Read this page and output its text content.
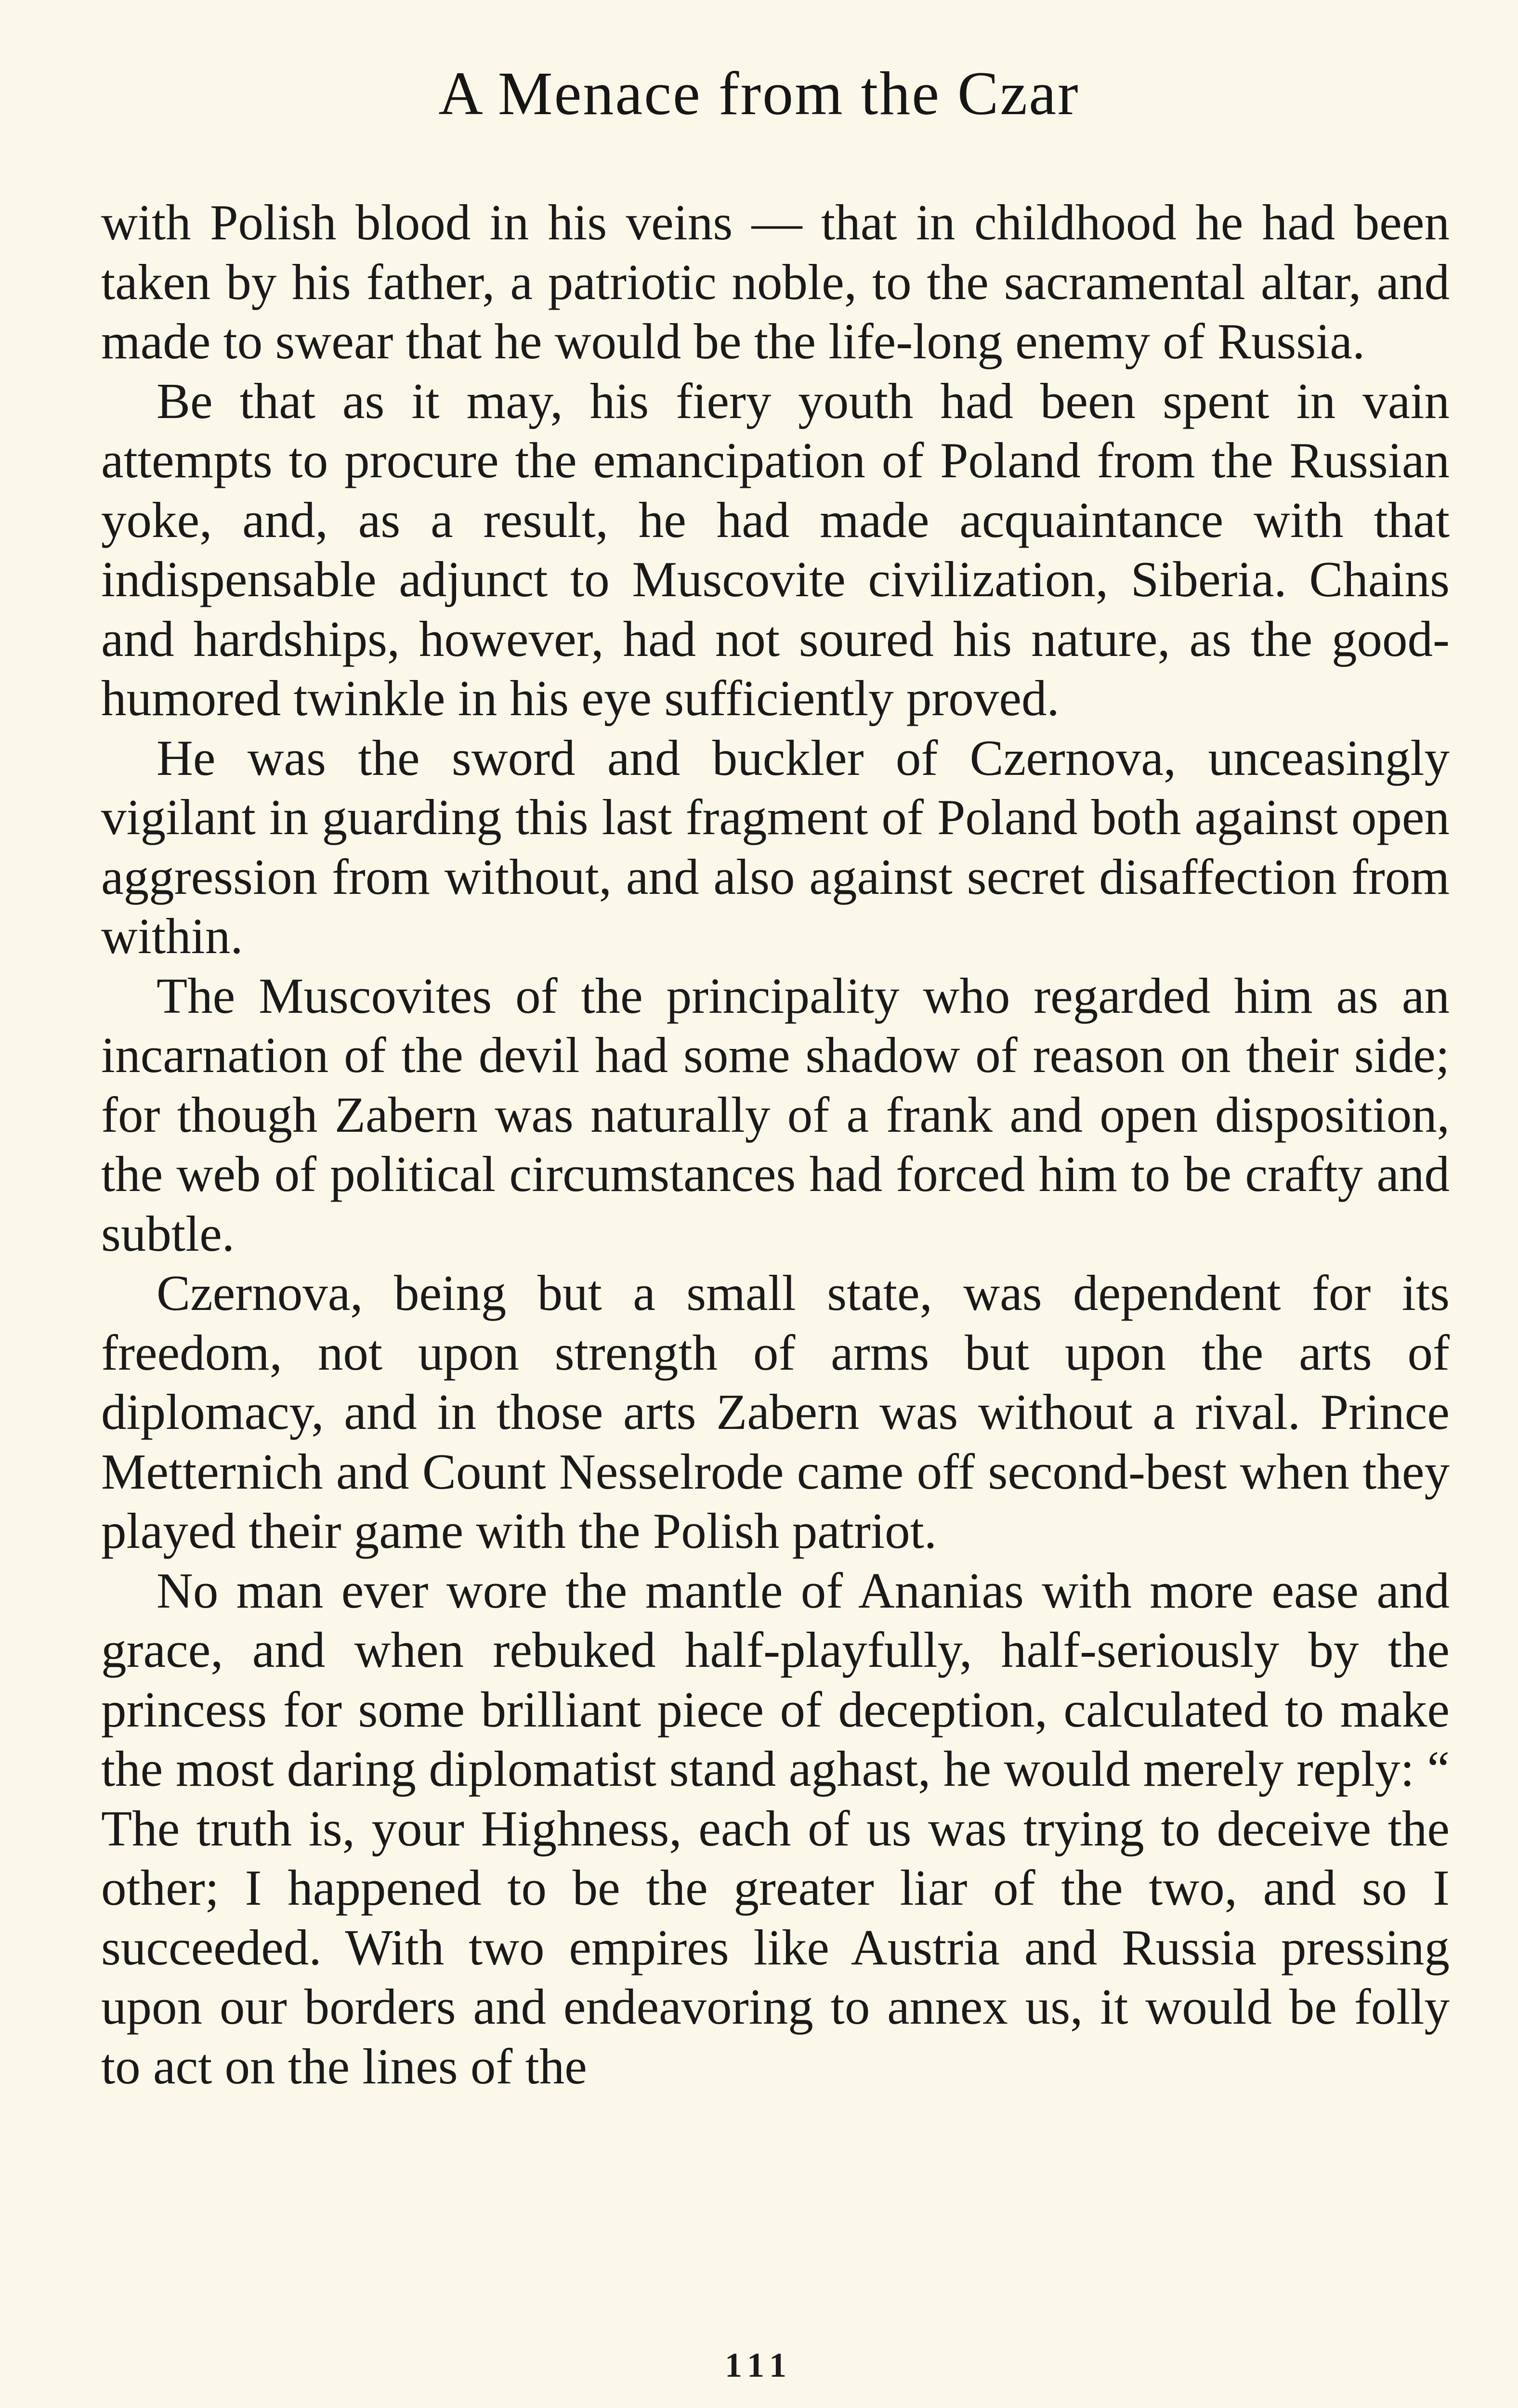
A Menace from the Czar

with Polish blood in his veins — that in childhood he had been taken by his father, a patriotic noble, to the sacramental altar, and made to swear that he would be the life-long enemy of Russia.

Be that as it may, his fiery youth had been spent in vain attempts to procure the emancipation of Poland from the Russian yoke, and, as a result, he had made acquaintance with that indispensable adjunct to Muscovite civilization, Siberia. Chains and hardships, however, had not soured his nature, as the good-humored twinkle in his eye sufficiently proved.

He was the sword and buckler of Czernova, unceasingly vigilant in guarding this last fragment of Poland both against open aggression from without, and also against secret disaffection from within.

The Muscovites of the principality who regarded him as an incarnation of the devil had some shadow of reason on their side; for though Zabern was naturally of a frank and open disposition, the web of political circumstances had forced him to be crafty and subtle.

Czernova, being but a small state, was dependent for its freedom, not upon strength of arms but upon the arts of diplomacy, and in those arts Zabern was without a rival. Prince Metternich and Count Nesselrode came off second-best when they played their game with the Polish patriot.

No man ever wore the mantle of Ananias with more ease and grace, and when rebuked half-playfully, half-seriously by the princess for some brilliant piece of deception, calculated to make the most daring diplomatist stand aghast, he would merely reply: “ The truth is, your Highness, each of us was trying to deceive the other; I happened to be the greater liar of the two, and so I succeeded. With two empires like Austria and Russia pressing upon our borders and endeavoring to annex us, it would be folly to act on the lines of the

111
